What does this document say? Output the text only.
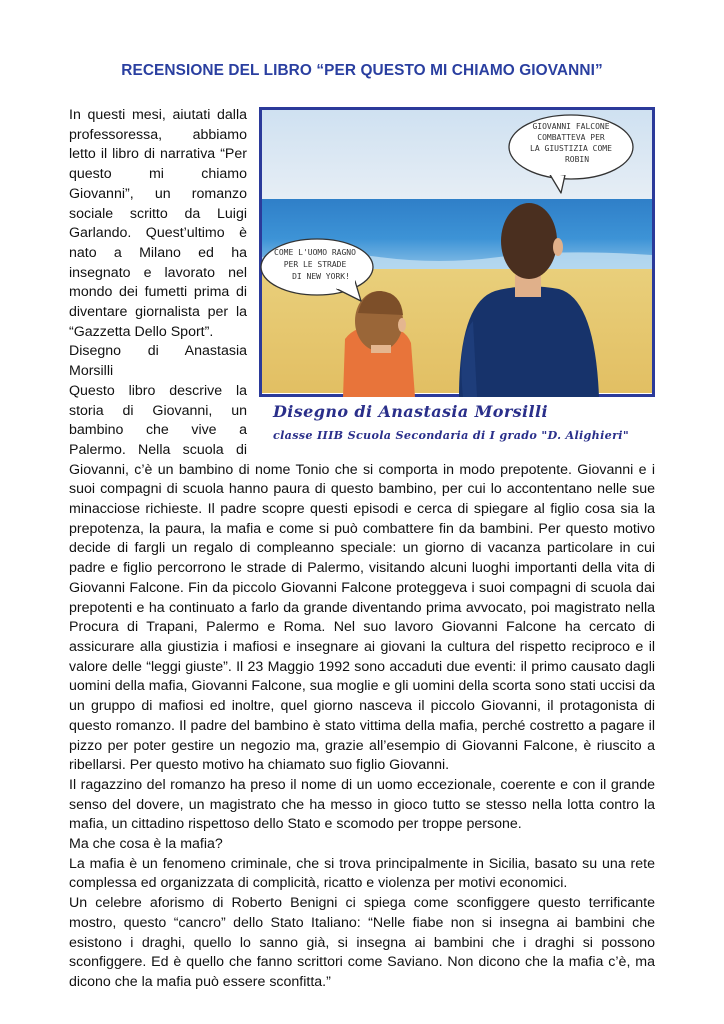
RECENSIONE DEL LIBRO “PER QUESTO MI CHIAMO GIOVANNI”
GIOVANNI FALCONE
COMBATTEVA PER
LA GIUSTIZIA COME
ROBIN
COME L'UOMO RAGNO
PER LE STRADE
DI NEW YORK!
Disegno di Anastasia Morsilli
classe IIIB Scuola Secondaria di I grado "D. Alighieri"

In questi mesi, aiutati dalla professoressa, abbiamo letto il libro di narrativa “Per questo mi chiamo Giovanni”, un romanzo sociale scritto da Luigi Garlando. Quest’ultimo è nato a Milano ed ha insegnato e lavorato nel mondo dei fumetti prima di diventare giornalista per la “Gazzetta Dello Sport”.

Disegno di Anastasia Morsilli

Questo libro descrive la storia di Giovanni, un bambino che vive a Palermo. Nella scuola di Giovanni, c’è un bambino di nome Tonio che si comporta in modo prepotente. Giovanni e i suoi compagni di scuola hanno paura di questo bambino, per cui lo accontentano nelle sue minacciose richieste. Il padre scopre questi episodi e cerca di spiegare al figlio cosa sia la prepotenza, la paura, la mafia e come si può combattere fin da bambini. Per questo motivo decide di fargli un regalo di compleanno speciale: un giorno di vacanza particolare in cui padre e figlio percorrono le strade di Palermo, visitando alcuni luoghi importanti della vita di Giovanni Falcone. Fin da piccolo Giovanni Falcone proteggeva i suoi compagni di scuola dai prepotenti e ha continuato a farlo da grande diventando prima avvocato, poi magistrato nella Procura di Trapani, Palermo e Roma. Nel suo lavoro Giovanni Falcone ha cercato di assicurare alla giustizia i mafiosi e insegnare ai giovani la cultura del rispetto reciproco e il valore delle “leggi giuste”. Il 23 Maggio 1992 sono accaduti due eventi: il primo causato dagli uomini della mafia, Giovanni Falcone, sua moglie e gli uomini della scorta sono stati uccisi da un gruppo di mafiosi ed inoltre, quel giorno nasceva il piccolo Giovanni, il protagonista di questo romanzo. Il padre del bambino è stato vittima della mafia, perché costretto a pagare il pizzo per poter gestire un negozio ma, grazie all’esempio di Giovanni Falcone, è riuscito a ribellarsi. Per questo motivo ha chiamato suo figlio Giovanni.

Il ragazzino del romanzo ha preso il nome di un uomo eccezionale, coerente e con il grande senso del dovere, un magistrato che ha messo in gioco tutto se stesso nella lotta contro la mafia, un cittadino rispettoso dello Stato e scomodo per troppe persone.

Ma che cosa è la mafia?

La mafia è un fenomeno criminale, che si trova principalmente in Sicilia, basato su una rete complessa ed organizzata di complicità, ricatto e violenza per motivi economici.

Un celebre aforismo di Roberto Benigni ci spiega come sconfiggere questo terrificante mostro, questo “cancro” dello Stato Italiano: “Nelle fiabe non si insegna ai bambini che esistono i draghi, quello lo sanno già, si insegna ai bambini che i draghi si possono sconfiggere. Ed è quello che fanno scrittori come Saviano. Non dicono che la mafia c’è, ma dicono che la mafia può essere sconfitta.”
